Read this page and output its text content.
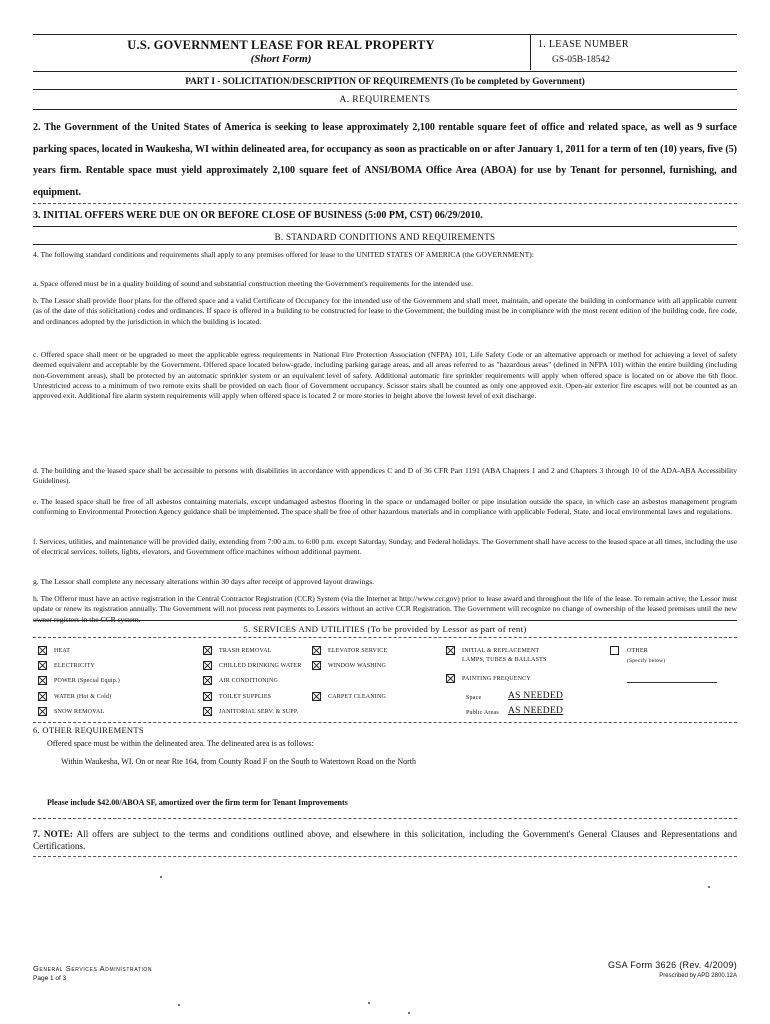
U.S. GOVERNMENT LEASE FOR REAL PROPERTY
(Short Form)
1. LEASE NUMBER
GS-05B-18542
PART I - SOLICITATION/DESCRIPTION OF REQUIREMENTS (To be completed by Government)
A. REQUIREMENTS
2. The Government of the United States of America is seeking to lease approximately 2,100 rentable square feet of office and related space, as well as 9 surface parking spaces, located in Waukesha, WI within delineated area, for occupancy as soon as practicable on or after January 1, 2011 for a term of ten (10) years, five (5) years firm. Rentable space must yield approximately 2,100 square feet of ANSI/BOMA Office Area (ABOA) for use by Tenant for personnel, furnishing, and equipment.
3. INITIAL OFFERS WERE DUE ON OR BEFORE CLOSE OF BUSINESS (5:00 PM, CST) 06/29/2010.
B. STANDARD CONDITIONS AND REQUIREMENTS
4. The following standard conditions and requirements shall apply to any premises offered for lease to the UNITED STATES OF AMERICA (the GOVERNMENT):
a. Space offered must be in a quality building of sound and substantial construction meeting the Government's requirements for the intended use.
b. The Lessor shall provide floor plans for the offered space and a valid Certificate of Occupancy for the intended use of the Government and shall meet, maintain, and operate the building in conformance with all applicable current (as of the date of this solicitation) codes and ordinances. If space is offered in a building to be constructed for lease to the Government, the building must be in compliance with the most recent edition of the building code, fire code, and ordinances adopted by the jurisdiction in which the building is located.
c. Offered space shall meet or be upgraded to meet the applicable egress requirements in National Fire Protection Association (NFPA) 101, Life Safety Code or an alternative approach or method for achieving a level of safety deemed equivalent and acceptable by the Government. Offered space located below-grade, including parking garage areas, and all areas referred to as "hazardous areas" (defined in NFPA 101) within the entire building (including non-Government areas), shall be protected by an automatic sprinkler system or an equivalent level of safety. Additional automatic fire sprinkler requirements will apply when offered space is located on or above the 6th floor. Unrestricted access to a minimum of two remote exits shall be provided on each floor of Government occupancy. Scissor stairs shall be counted as only one approved exit. Open-air exterior fire escapes will not be counted as an approved exit. Additional fire alarm system requirements will apply when offered space is located 2 or more stories in height above the lowest level of exit discharge.
d. The building and the leased space shall be accessible to persons with disabilities in accordance with appendices C and D of 36 CFR Part 1191 (ABA Chapters 1 and 2 and Chapters 3 through 10 of the ADA-ABA Accessibility Guidelines).
e. The leased space shall be free of all asbestos containing materials, except undamaged asbestos flooring in the space or undamaged boiler or pipe insulation outside the space, in which case an asbestos management program conforming to Environmental Protection Agency guidance shall be implemented. The space shall be free of other hazardous materials and in compliance with applicable Federal, State, and local environmental laws and regulations.
f. Services, utilities, and maintenance will be provided daily, extending from 7:00 a.m. to 6:00 p.m. except Saturday, Sunday, and Federal holidays. The Government shall have access to the leased space at all times, including the use of electrical services, toilets, lights, elevators, and Government office machines without additional payment.
g. The Lessor shall complete any necessary alterations within 30 days after receipt of approved layout drawings.
h. The Offeror must have an active registration in the Central Contractor Registration (CCR) System (via the Internet at http://www.ccr.gov) prior to lease award and throughout the life of the lease. To remain active, the Lessor must update or renew its registration annually. The Government will not process rent payments to Lessors without an active CCR Registration. The Government will recognize no change of ownership of the leased premises until the new owner registers in the CCR system.
5. SERVICES AND UTILITIES (To be provided by Lessor as part of rent)
HEAT
ELECTRICITY
POWER (Special Equip.)
WATER (Hot & Cold)
SNOW REMOVAL
TRASH REMOVAL
CHILLED DRINKING WATER
AIR CONDITIONING
TOILET SUPPLIES
JANITORIAL SERV. & SUPP.
ELEVATOR SERVICE
WINDOW WASHING
CARPET CLEANING
INITIAL & REPLACEMENT
LAMPS, TUBES & BALLASTS
PAINTING FREQUENCY
Space	AS NEEDED
Public Areas AS NEEDED
OTHER
(Specify below)
6. OTHER REQUIREMENTS
Offered space must be within the delineated area. The delineated area is as follows:
Within Waukesha, WI. On or near Rte 164, from County Road F on the South to Watertown Road on the North
Please include $42.00/ABOA SF, amortized over the firm term for Tenant Improvements
7. NOTE: All offers are subject to the terms and conditions outlined above, and elsewhere in this solicitation, including the Government's General Clauses and Representations and Certifications.
General Services Administration
Page 1 of 3
GSA Form 3626 (Rev. 4/2009)
Prescribed by APD 2800.12A
